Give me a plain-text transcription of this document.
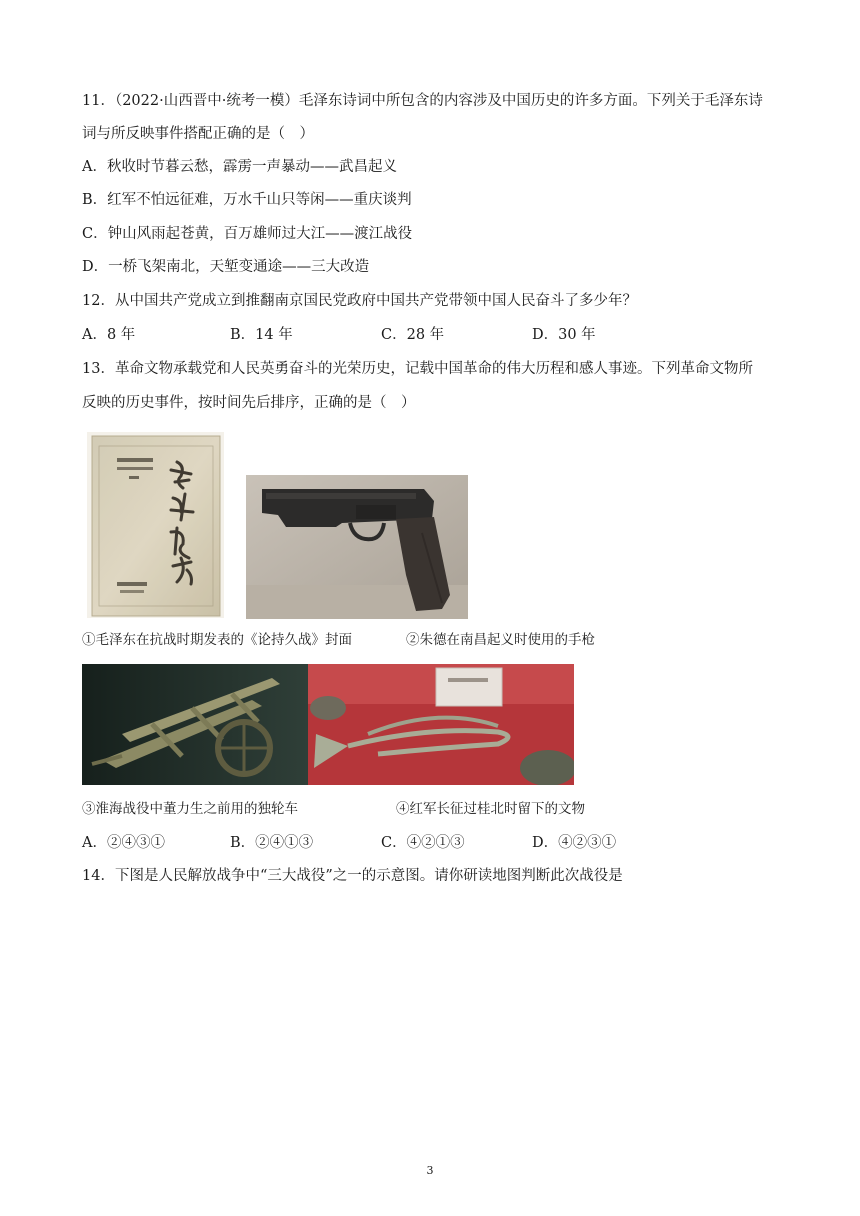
11．（2022·山西晋中·统考一模）毛泽东诗词中所包含的内容涉及中国历史的许多方面。下列关于毛泽东诗
词与所反映事件搭配正确的是（　）
A．秋收时节暮云愁，霹雳一声暴动——武昌起义
B．红军不怕远征难，万水千山只等闲——重庆谈判
C．钟山风雨起苍黄，百万雄师过大江——渡江战役
D．一桥飞架南北，天堑变通途——三大改造
12．从中国共产党成立到推翻南京国民党政府中国共产党带领中国人民奋斗了多少年？
A．8 年	B．14 年	C．28 年	D．30 年
13．革命文物承载党和人民英勇奋斗的光荣历史，记载中国革命的伟大历程和感人事迹。下列革命文物所
反映的历史事件，按时间先后排序，正确的是（　）
①毛泽东在抗战时期发表的《论持久战》封面	②朱德在南昌起义时使用的手枪
③淮海战役中董力生之前用的独轮车	④红军长征过桂北时留下的文物
A．②④③①	B．②④①③	C．④②①③	D．④②③①
14．下图是人民解放战争中“三大战役”之一的示意图。请你研读地图判断此次战役是
3
